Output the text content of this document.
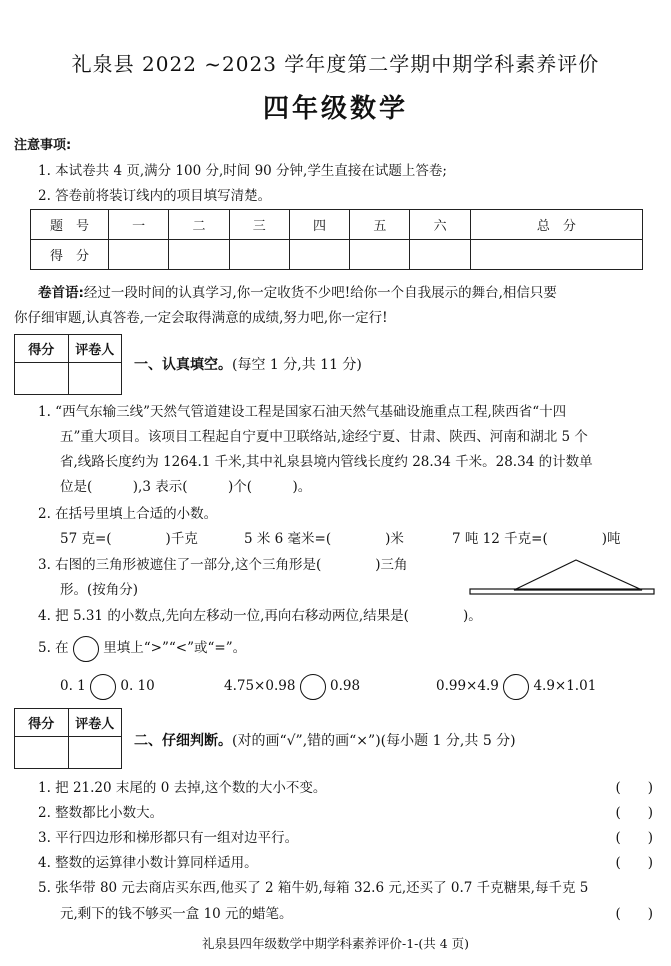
礼泉县 2022 ~2023 学年度第二学期中期学科素养评价
四年级数学
注意事项:
1. 本试卷共 4 页,满分 100 分,时间 90 分钟,学生直接在试题上答卷;
2. 答卷前将装订线内的项目填写清楚。
题　号	一	二	三	四	五	六	总　分
得　分							
卷首语:经过一段时间的认真学习,你一定收货不少吧!给你一个自我展示的舞台,相信只要
你仔细审题,认真答卷,一定会取得满意的成绩,努力吧,你一定行!
得分	评卷人

一、认真填空。(每空 1 分,共 11 分)
1. “西气东输三线”天然气管道建设工程是国家石油天然气基础设施重点工程,陕西省“十四
五”重大项目。该项目工程起自宁夏中卫联络站,途经宁夏、甘肃、陕西、河南和湖北 5 个
省,线路长度约为 1264.1 千米,其中礼泉县境内管线长度约 28.34 千米。28.34 的计数单
位是(　　　),3 表示(　　　)个(　　　)。
2. 在括号里填上合适的小数。
57 克=(　　　　)千克	5 米 6 毫米=(　　　　)米	7 吨 12 千克=(　　　　)吨
3. 右图的三角形被遮住了一部分,这个三角形是(　　　　)三角
形。(按角分)
4. 把 5.31 的小数点,先向左移动一位,再向右移动两位,结果是(　　　　)。
5. 在	里填上“>”“<”或“=”。
0. 1	0. 10	4.75×0.98	0.98	0.99×4.9	4.9×1.01
得分	评卷人

二、仔细判断。(对的画“√”,错的画“×”)(每小题 1 分,共 5 分)
1. 把 21.20 末尾的 0 去掉,这个数的大小不变。	(　　)
2. 整数都比小数大。	(　　)
3. 平行四边形和梯形都只有一组对边平行。	(　　)
4. 整数的运算律小数计算同样适用。	(　　)
5. 张华带 80 元去商店买东西,他买了 2 箱牛奶,每箱 32.6 元,还买了 0.7 千克糖果,每千克 5
元,剩下的钱不够买一盒 10 元的蜡笔。	(　　)
礼泉县四年级数学中期学科素养评价-1-(共 4 页)
